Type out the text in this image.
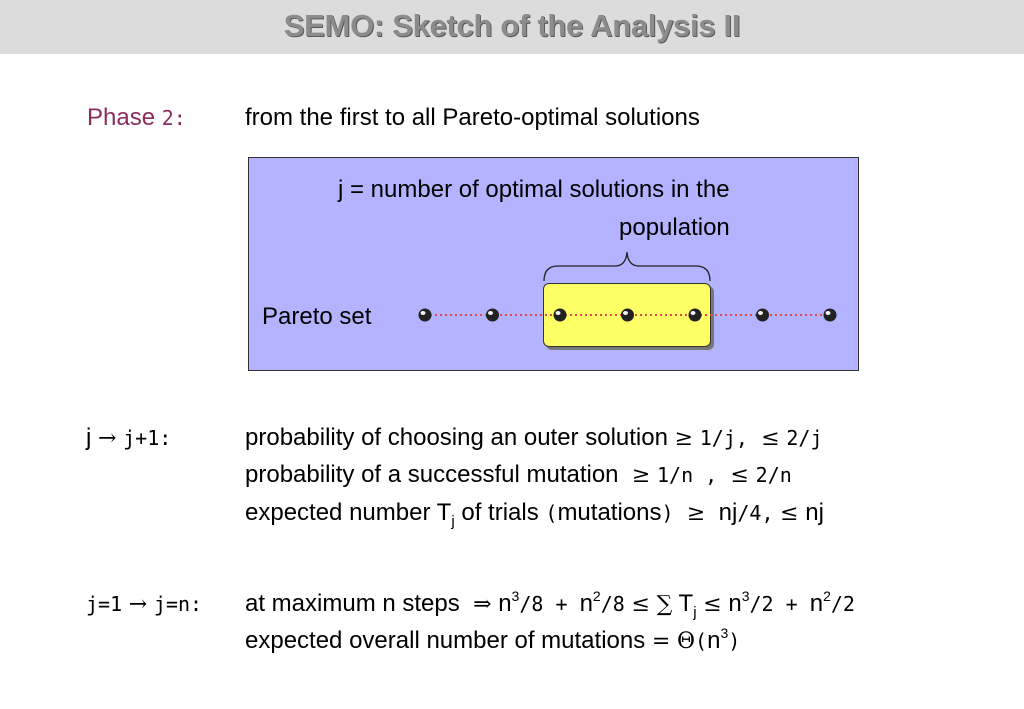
SEMO: Sketch of the Analysis II
Phase 2: from the first to all Pareto-optimal solutions
j = number of optimal solutions in the
population
Pareto set
j → j+1:	probability of choosing an outer solution ≥ 1/j, ≤ 2/j
probability of a successful mutation ≥ 1/n , ≤ 2/n
expected number $T_j$ of trials (mutations) ≥ nj/4, ≤ nj
j=1 → j=n: at maximum n steps ⇒ $n^3/8 + n^2/8$ ≤ ∑ $T_j \le n^3/2 + n^2/2$
expected overall number of mutations = $\Theta(n^3)$
